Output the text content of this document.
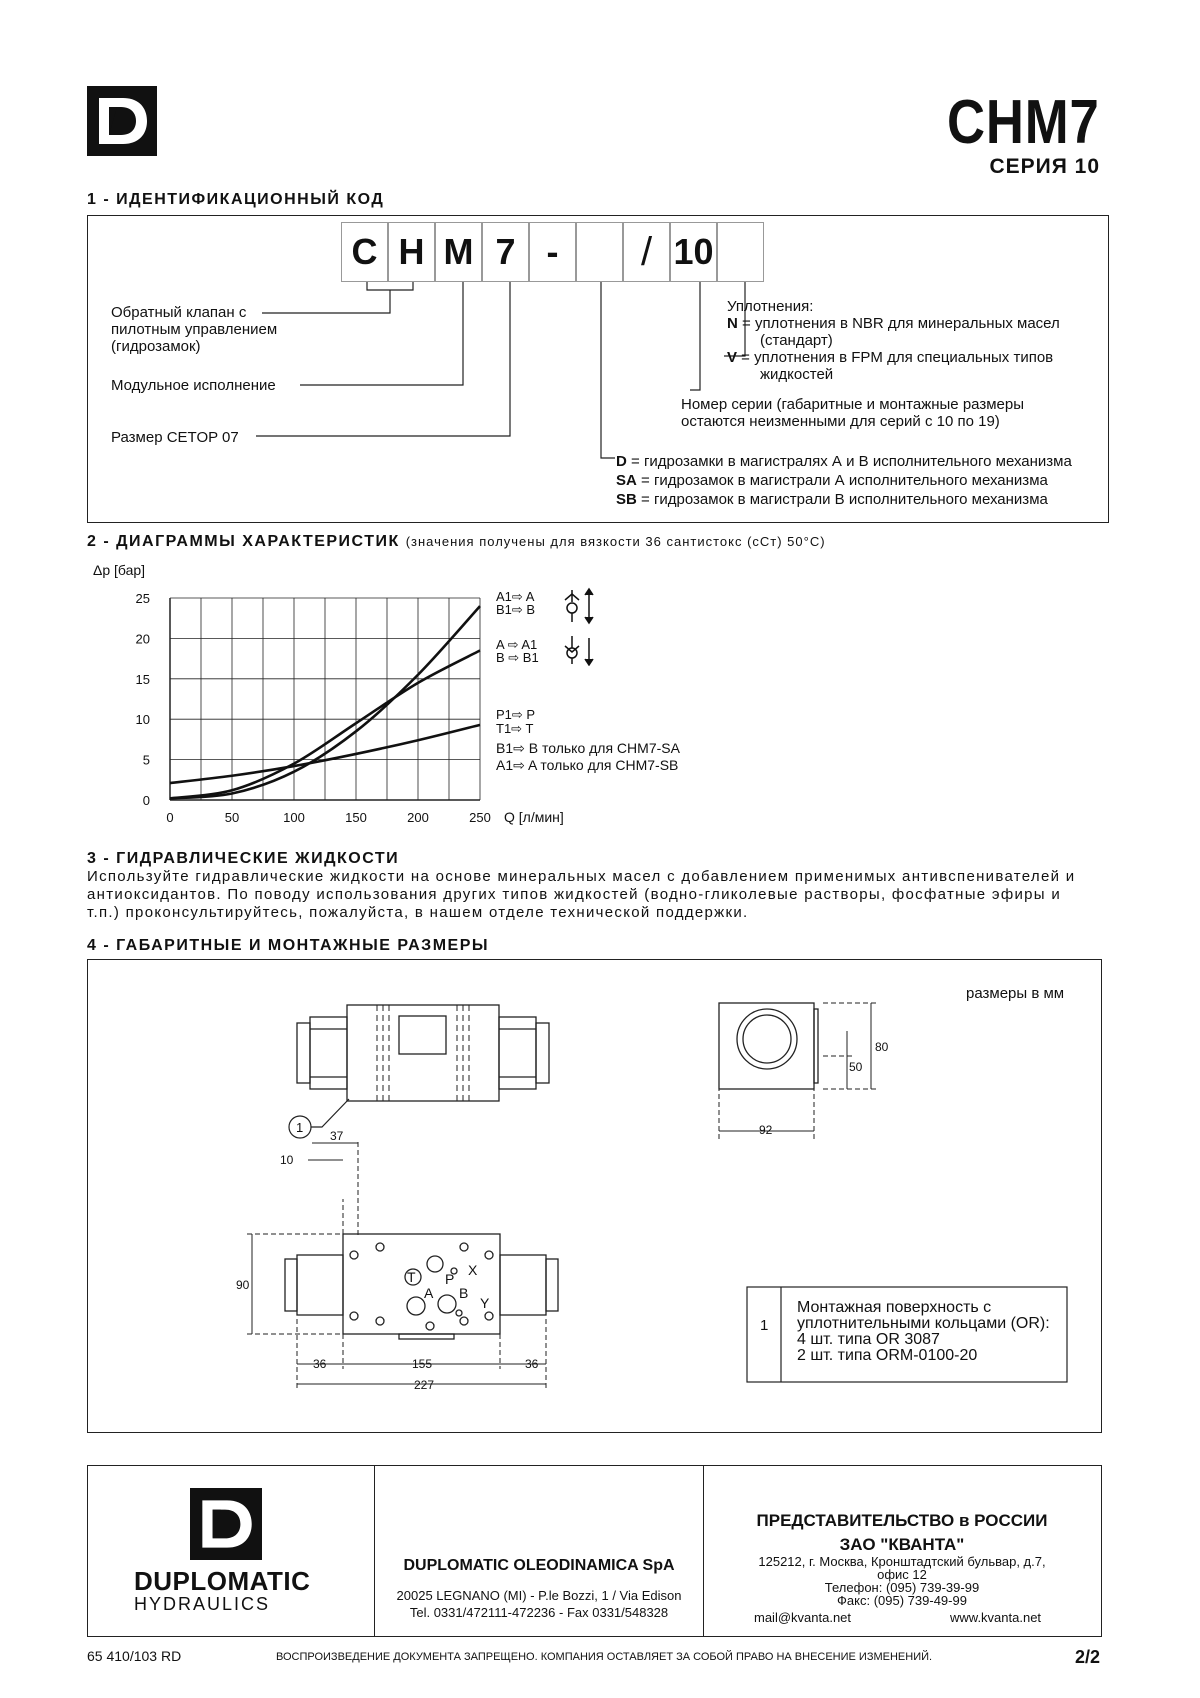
CHM7
СЕРИЯ 10
1 - ИДЕНТИФИКАЦИОННЫЙ КОД
C H M 7 -	/ 10
Обратный клапан с
пилотным управлением
(гидрозамок)
Модульное исполнение
Размер CETOP 07
Уплотнения:
N = уплотнения в NBR для минеральных масел
(стандарт)
V = уплотнения в FPM для специальных типов
жидкостей
Номер серии (габаритные и монтажные размеры
остаются неизменными для серий с 10 по 19)
D = гидрозамки в магистралях А и В исполнительного механизма
SA = гидрозамок в магистрали А исполнительного механизма
SB = гидрозамок в магистрали В исполнительного механизма
2 - ДИАГРАММЫ ХАРАКТЕРИСТИК (значения получены для вязкости 36 сантистокс (сСт) 50°С)
Δp [бар]
Q [л/мин]
0	50	100	150	200	250
0
5
10
15
20
25	A1⇨ A
B1⇨ B
A ⇨ A1
B ⇨ B1
P1⇨ P
T1⇨ T
B1⇨ B только для CHM7-SA
A1⇨ A только для CHM7-SB
3 - ГИДРАВЛИЧЕСКИЕ ЖИДКОСТИ
Используйте гидравлические жидкости на основе минеральных масел с добавлением применимых антивспенивателей и антиоксидантов. По поводу использования других типов жидкостей (водно-гликолевые растворы, фосфатные эфиры и т.п.) проконсультируйтесь, пожалуйста, в нашем отделе технической поддержки.
4 - ГАБАРИТНЫЕ И МОНТАЖНЫЕ РАЗМЕРЫ
размеры в мм
1	92
80
50
37
10
90
36	155	36
227
T P
X
A B
Y
1
Монтажная поверхность с
уплотнительными кольцами (OR):
4 шт. типа OR 3087
2 шт. типа ORM-0100-20
DUPLOMATIC
HYDRAULICS
DUPLOMATIC OLEODINAMICA SpA
20025 LEGNANO (MI) - P.le Bozzi, 1 / Via Edison
Tel. 0331/472111-472236 - Fax 0331/548328
ПРЕДСТАВИТЕЛЬСТВО в РОССИИ
ЗАО "КВАНТА"
125212, г. Москва, Кронштадтский бульвар, д.7,
офис 12
Телефон: (095) 739-39-99
Факс: (095) 739-49-99
mail@kvanta.net	www.kvanta.net
65 410/103 RD	ВОСПРОИЗВЕДЕНИЕ ДОКУМЕНТА ЗАПРЕЩЕНО. КОМПАНИЯ ОСТАВЛЯЕТ ЗА СОБОЙ ПРАВО НА ВНЕСЕНИЕ ИЗМЕНЕНИЙ.	2/2
